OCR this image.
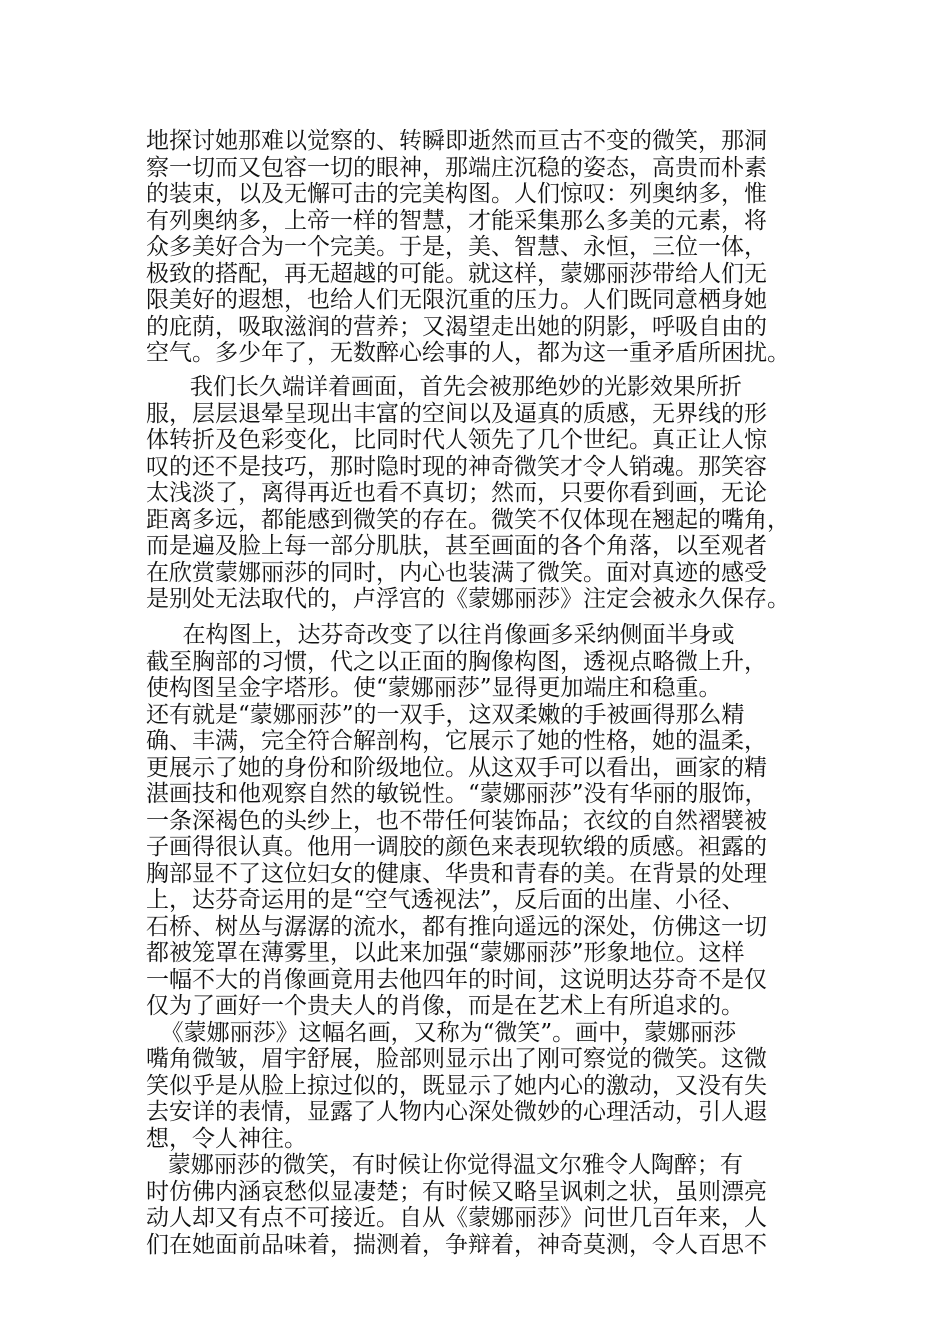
地探讨她那难以觉察的、转瞬即逝然而亘古不变的微笑，那洞
察一切而又包容一切的眼神，那端庄沉稳的姿态，高贵而朴素
的装束，以及无懈可击的完美构图。人们惊叹：列奥纳多，惟
有列奥纳多，上帝一样的智慧，才能采集那么多美的元素，将
众多美好合为一个完美。于是，美、智慧、永恒，三位一体，
极致的搭配，再无超越的可能。就这样，蒙娜丽莎带给人们无
限美好的遐想，也给人们无限沉重的压力。人们既同意栖身她
的庇荫，吸取滋润的营养；又渴望走出她的阴影，呼吸自由的
空气。多少年了，无数醉心绘事的人，都为这一重矛盾所困扰。
我们长久端详着画面，首先会被那绝妙的光影效果所折
服，层层退晕呈现出丰富的空间以及逼真的质感，无界线的形
体转折及色彩变化，比同时代人领先了几个世纪。真正让人惊
叹的还不是技巧，那时隐时现的神奇微笑才令人销魂。那笑容
太浅淡了，离得再近也看不真切；然而，只要你看到画，无论
距离多远，都能感到微笑的存在。微笑不仅体现在翘起的嘴角，
而是遍及脸上每一部分肌肤，甚至画面的各个角落，以至观者
在欣赏蒙娜丽莎的同时，内心也装满了微笑。面对真迹的感受
是别处无法取代的，卢浮宫的《蒙娜丽莎》注定会被永久保存。
在构图上，达芬奇改变了以往肖像画多采纳侧面半身或
截至胸部的习惯，代之以正面的胸像构图，透视点略微上升，
使构图呈金字塔形。使“蒙娜丽莎”显得更加端庄和稳重。
还有就是“蒙娜丽莎”的一双手，这双柔嫩的手被画得那么精
确、丰满，完全符合解剖构，它展示了她的性格，她的温柔，
更展示了她的身份和阶级地位。从这双手可以看出，画家的精
湛画技和他观察自然的敏锐性。“蒙娜丽莎”没有华丽的服饰，
一条深褐色的头纱上，也不带任何装饰品；衣纹的自然褶襞被
子画得很认真。他用一调胶的颜色来表现软缎的质感。袒露的
胸部显不了这位妇女的健康、华贵和青春的美。在背景的处理
上，达芬奇运用的是“空气透视法”，反后面的出崖、小径、
石桥、树丛与潺潺的流水，都有推向遥远的深处，仿佛这一切
都被笼罩在薄雾里，以此来加强“蒙娜丽莎”形象地位。这样
一幅不大的肖像画竟用去他四年的时间，这说明达芬奇不是仅
仅为了画好一个贵夫人的肖像，而是在艺术上有所追求的。
《蒙娜丽莎》这幅名画，又称为“微笑”。画中，蒙娜丽莎
嘴角微皱，眉宇舒展，脸部则显示出了刚可察觉的微笑。这微
笑似乎是从脸上掠过似的，既显示了她内心的激动，又没有失
去安详的表情，显露了人物内心深处微妙的心理活动，引人遐
想，令人神往。
蒙娜丽莎的微笑，有时候让你觉得温文尔雅令人陶醉；有
时仿佛内涵哀愁似显凄楚；有时候又略呈讽刺之状，虽则漂亮
动人却又有点不可接近。自从《蒙娜丽莎》问世几百年来，人
们在她面前品味着，揣测着，争辩着，神奇莫测，令人百思不
